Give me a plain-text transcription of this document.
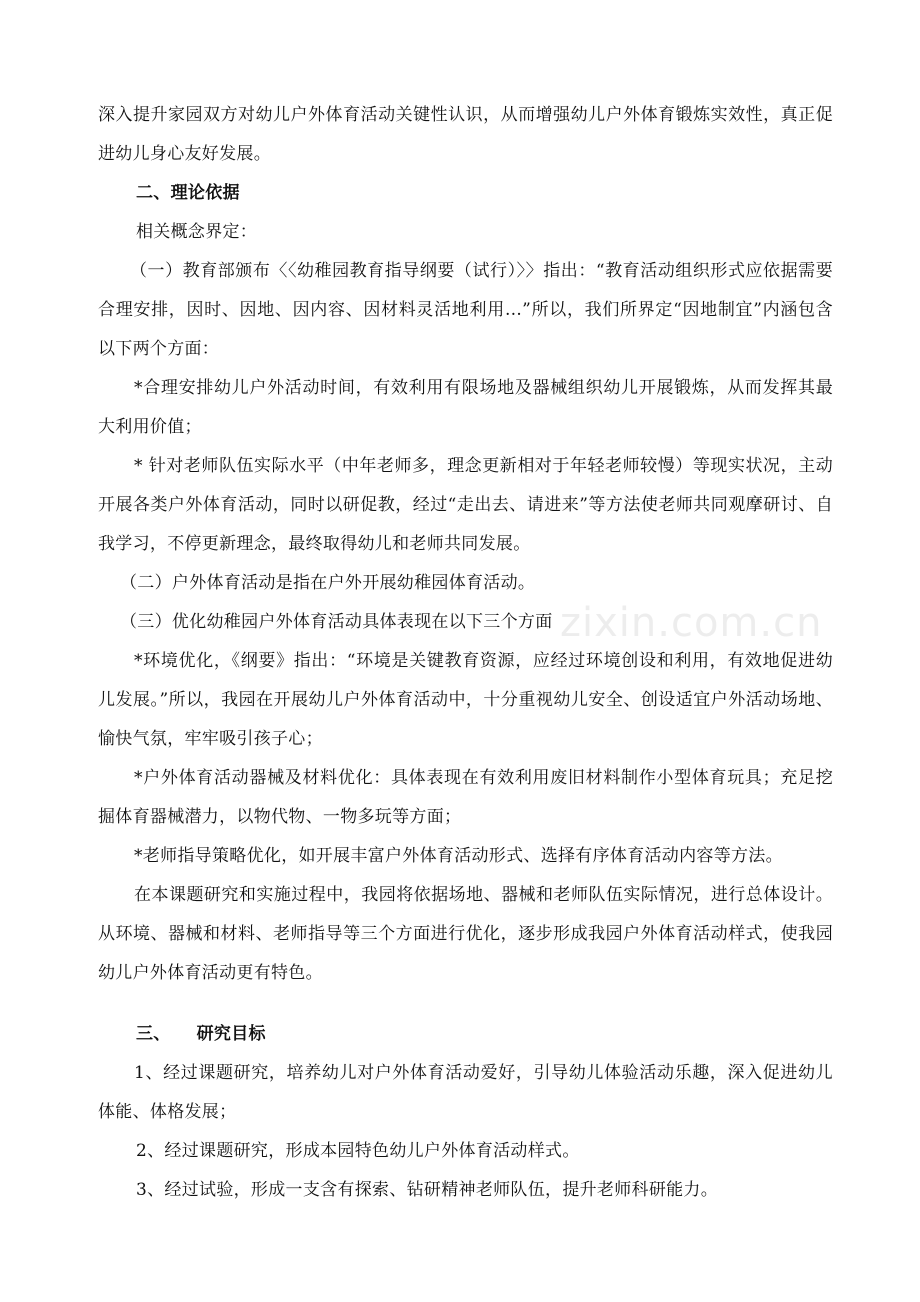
zixin.com.cn

深入提升家园双方对幼儿户外体育活动关键性认识，从而增强幼儿户外体育锻炼实效性，真正促进幼儿身心友好发展。

二、理论依据

相关概念界定：

（一）教育部颁布〈〈幼稚园教育指导纲要（试行）〉〉指出：“教育活动组织形式应依据需要合理安排，因时、因地、因内容、因材料灵活地利用…”所以，我们所界定“因地制宜”内涵包含以下两个方面：

*合理安排幼儿户外活动时间，有效利用有限场地及器械组织幼儿开展锻炼，从而发挥其最大利用价值；

* 针对老师队伍实际水平（中年老师多，理念更新相对于年轻老师较慢）等现实状况，主动开展各类户外体育活动，同时以研促教，经过“走出去、请进来”等方法使老师共同观摩研讨、自我学习，不停更新理念，最终取得幼儿和老师共同发展。

（二）户外体育活动是指在户外开展幼稚园体育活动。

（三）优化幼稚园户外体育活动具体表现在以下三个方面

*环境优化，《纲要》指出：“环境是关键教育资源，应经过环境创设和利用，有效地促进幼儿发展。”所以，我园在开展幼儿户外体育活动中，十分重视幼儿安全、创设适宜户外活动场地、愉快气氛，牢牢吸引孩子心；

*户外体育活动器械及材料优化：具体表现在有效利用废旧材料制作小型体育玩具；充足挖掘体育器械潜力，以物代物、一物多玩等方面；

*老师指导策略优化，如开展丰富户外体育活动形式、选择有序体育活动内容等方法。

在本课题研究和实施过程中，我园将依据场地、器械和老师队伍实际情况，进行总体设计。从环境、器械和材料、老师指导等三个方面进行优化，逐步形成我园户外体育活动样式，使我园幼儿户外体育活动更有特色。

三、 研究目标

1、经过课题研究，培养幼儿对户外体育活动爱好，引导幼儿体验活动乐趣，深入促进幼儿体能、体格发展；

2、经过课题研究，形成本园特色幼儿户外体育活动样式。

3、经过试验，形成一支含有探索、钻研精神老师队伍，提升老师科研能力。
